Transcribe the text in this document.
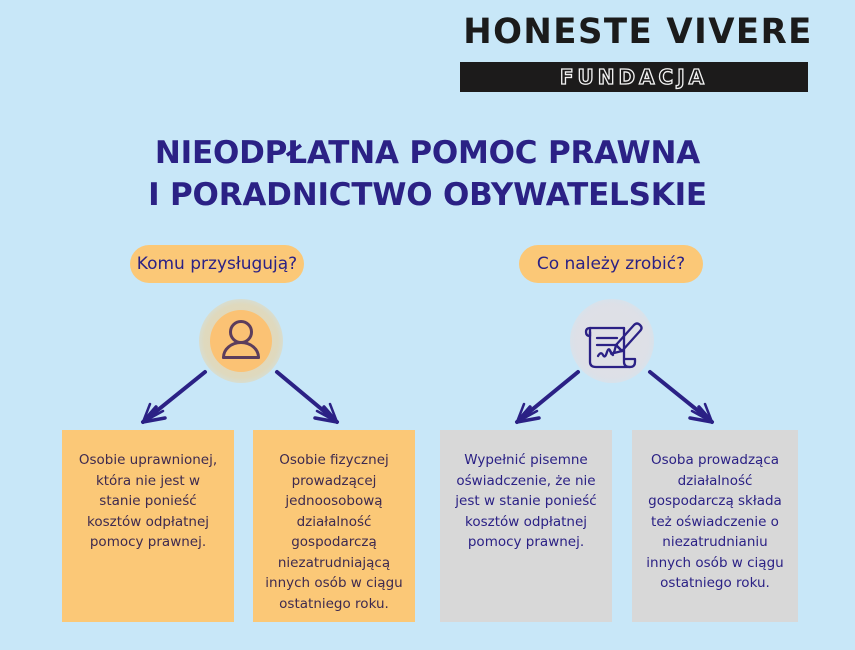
HONESTE VIVERE
FUNDACJA
NIEODPŁATNA POMOC PRAWNA
I PORADNICTWO OBYWATELSKIE
Komu przysługują?	Co należy zrobić?
Osobie uprawnionej, która nie jest w stanie ponieść kosztów odpłatnej pomocy prawnej.
Osobie fizycznej prowadzącej jednoosobową działalność gospodarczą niezatrudniającą innych osób w ciągu ostatniego roku.
Wypełnić pisemne oświadczenie, że nie jest w stanie ponieść kosztów odpłatnej pomocy prawnej.
Osoba prowadząca działalność gospodarczą składa też oświadczenie o niezatrudnianiu innych osób w ciągu ostatniego roku.
